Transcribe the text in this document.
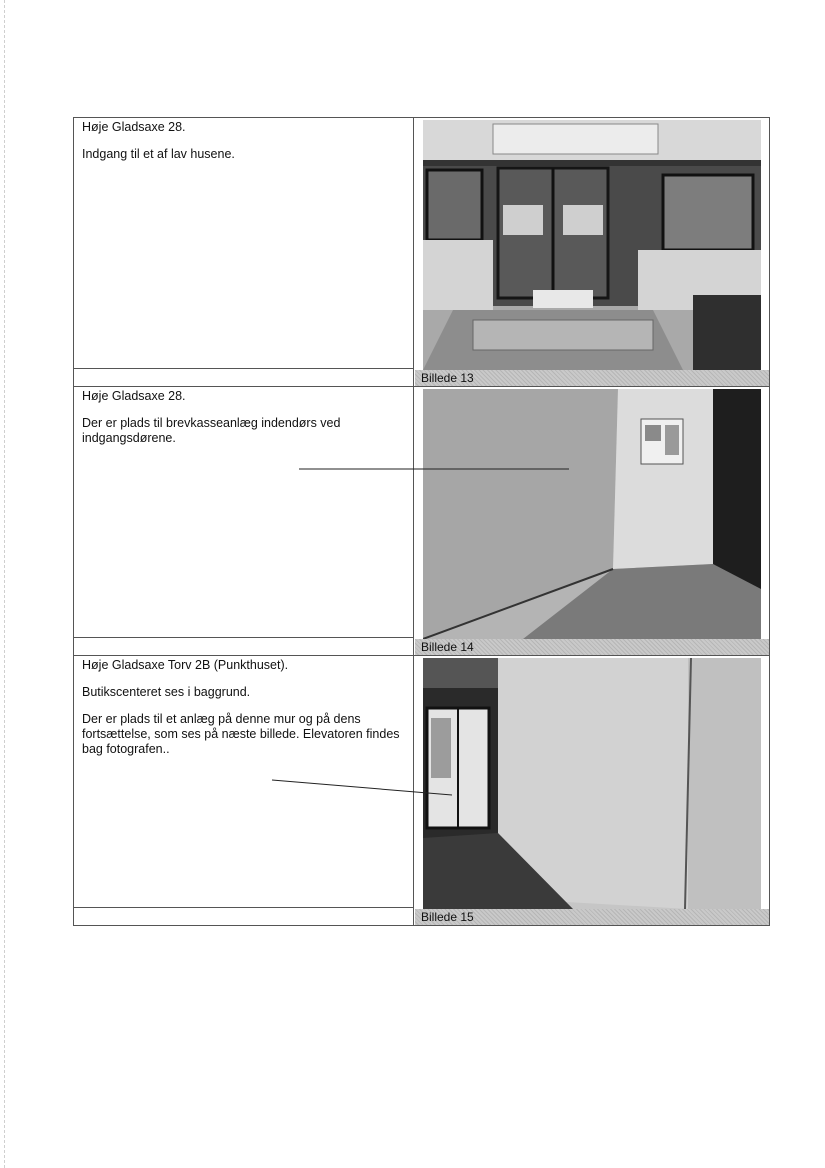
Høje Gladsaxe 28.

Indgang til et af lav husene.

Billede 13

Høje Gladsaxe 28.

Der er plads til brevkasseanlæg indendørs ved indgangsdørene.

Billede 14

Høje Gladsaxe Torv 2B (Punkthuset).

Butikscenteret ses i baggrund.

Der er plads til et anlæg på denne mur og på dens fortsættelse, som ses på næste billede. Elevatoren findes bag fotografen..

Billede 15
